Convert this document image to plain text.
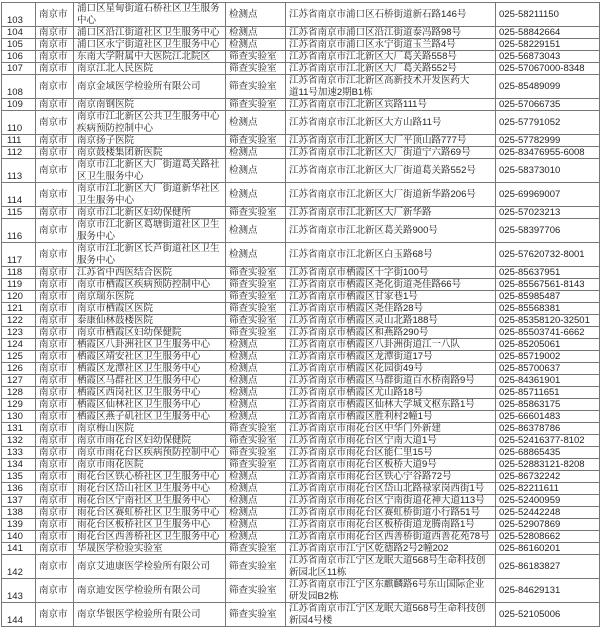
103	南京市	浦口区星甸街道石桥社区卫生服务
中心	检测点	江苏省南京市浦口区石桥街道新石路146号	025-58211150
104	南京市	浦口区沿江街道社区卫生服务中心	检测点	江苏省南京市浦口区沿江街道泰冯路98号	025-58842664
105	南京市	浦口区永宁街道社区卫生服务中心	检测点	江苏省南京市浦口区永宁街道玉兰路4号	025-58229151
106	南京市	东南大学附属中大医院江北院区	筛查实验室	江苏省南京市江北新区大厂葛关路558号	025-56873043
107	南京市	南京江北人民医院	筛查实验室	江苏省南京市江北新区大厂葛关路552号	025-57067000-8348
108	南京市	南京金域医学检验所有限公司	筛查实验室	江苏省南京市江北新区高新技术开发医药大
道11号加速2期B1栋	025-85489099
109	南京市	南京南钢医院	筛查实验室	江苏省南京市江北新区宾路111号	025-57066735
110	南京市	南京市江北新区公共卫生服务中心
疾病预防控制中心	检测点	江苏省南京市江北新区大方山路11号	025-57791052
111	南京市	南京扬子医院	筛查实验室	江苏省南京市江北新区大厂平顶山路777号	025-57782999
112	南京市	南京鼓楼集团新医院	检测点	江苏省南京市江北新区大厂街道宁六路69号	025-83476955-6008
113	南京市	南京市江北新区大厂街道葛关路社
区卫生服务中心	检测点	江苏省南京市江北新区大厂街道葛关路552号	025-58373010
114	南京市	南京市江北新区大厂街道新华社区
卫生服务中心	检测点	江苏省南京市江北新区大厂街道新华路206号	025-69969007
115	南京市	南京市江北新区妇幼保健所	筛查实验室	江苏省南京市江北新区大厂新华路	025-57023213
116	南京市	南京市江北新区葛塘街道社区卫生
服务中心	检测点	江苏省南京市江北新区葛关路900号	025-58397706
117	南京市	南京市江北新区长芦街道社区卫生
服务中心	检测点	江苏省南京市江北新区白玉路68号	025-57620732-8001
118	南京市	江苏省中西医结合医院	筛查实验室	江苏省南京市栖霞区十字街100号	025-85637951
119	南京市	南京市栖霞区疾病预防控制中心	筛查实验室	江苏省南京市栖霞区尧化街道尧佳路66号	025-85567561-8143
120	南京市	南京瑞东医院	筛查实验室	江苏省南京市栖霞区甘家巷1号	025-85985487
121	南京市	南京市栖霞区医院	筛查实验室	江苏省南京市栖霞区尧佳路28号	025-85568381
122	南京市	泰康仙林鼓楼医院	筛查实验室	江苏省南京市栖霞区灵山北路188号	025-85358120-32501
123	南京市	南京市栖霞区妇幼保健院	筛查实验室	江苏省南京市栖霞区和燕路290号	025-85503741-6662
124	南京市	栖霞区八卦洲社区卫生服务中心	检测点	江苏省南京市栖霞区八卦洲街道江一八队	025-85205061
125	南京市	栖霞区靖安社区卫生服务中心	检测点	江苏省南京市栖霞区龙潭街道17号	025-85719002
126	南京市	栖霞区龙潭社区卫生服务中心	检测点	江苏省南京市栖霞区花园街49号	025-85700637
127	南京市	栖霞区马群社区卫生服务中心	检测点	江苏省南京市栖霞区马群街道百水桥南路9号	025-84361901
128	南京市	栖霞区西岗社区卫生服务中心	检测点	江苏省南京市栖霞区尤山路18号	025-85711651
129	南京市	栖霞区仙林社区卫生服务中心	检测点	江苏省南京市栖霞区仙林大学城文枢东路1号	025-85863175
130	南京市	栖霞区燕子矶社区卫生服务中心	检测点	江苏省南京市栖霞区胜利村2幢1号	025-66601483
131	南京市	南京梅山医院	筛查实验室	江苏省南京市雨花台区中华门外新建	025-86378786
132	南京市	南京市雨花台区妇幼保健院	筛查实验室	江苏省南京市雨花台区宁南大道1号	025-52416377-8102
133	南京市	南京市雨花台区疾病预防控制中心	筛查实验室	江苏省南京市雨花台区能仁里15号	025-68865435
134	南京市	南京市雨花医院	筛查实验室	江苏省南京市雨花台区板桥大道9号	025-52883121-8208
135	南京市	雨花台区铁心桥社区卫生服务中心	检测点	江苏省南京市雨花台区铁心宁谷路72号	025-86732242
136	南京市	雨花台区岱山社区卫生服务中心	检测点	江苏省南京市雨花台区岱山北路禄家岗西街1号	025-82211611
137	南京市	雨花台区宁南社区卫生服务中心	检测点	江苏省南京市雨花台区宁南街道花神大道113号	025-52400959
138	南京市	雨花台区赛虹桥社区卫生服务中心	检测点	江苏省南京市雨花台区赛虹桥街道小行路51号	025-52442248
139	南京市	雨花台区板桥社区卫生服务中心	检测点	江苏省南京市雨花台区板桥街道龙腾南路1号	025-52907869
140	南京市	雨花台区西善桥社区卫生服务中心	检测点	江苏省南京市雨花台区西善桥街道西善花苑78号	025-52808662
141	南京市	华晟医学检验实验室	筛查实验室	江苏省南京市江宁区乾德路2号2幢202	025-86160201
142	南京市	南京艾迪康医学检验所有限公司	筛查实验室	江苏省南京市江宁区龙眠大道568号生命科技创
新园北区11栋	025-86183827
143	南京市	南京迪安医学检验所有限公司	筛查实验室	江苏省南京市江宁区东麒麟路6号东山国际企业
研发园B2栋	025-84629131
144	南京市	南京华银医学检验所有限公司	筛查实验室	江苏省南京市江宁区龙眠大道568号生命科技创
新园4号楼	025-52105006
